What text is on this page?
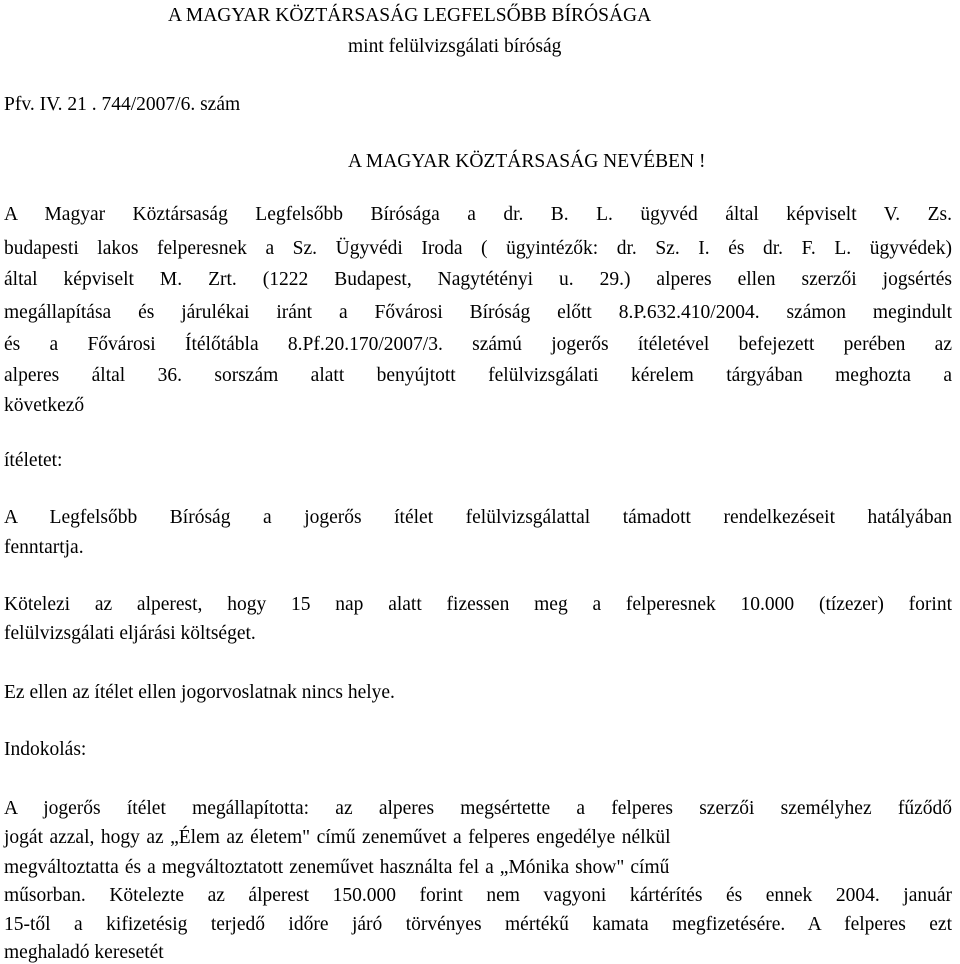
A MAGYAR KÖZTÁRSASÁG LEGFELSŐBB BÍRÓSÁGA
mint felülvizsgálati bíróság
Pfv. IV. 21 . 744/2007/6. szám
A MAGYAR KÖZTÁRSASÁG NEVÉBEN !
A Magyar Köztársaság Legfelsőbb Bírósága a dr. B. L. ügyvéd által képviselt V. Zs.
budapesti lakos felperesnek a Sz. Ügyvédi Iroda ( ügyintézők: dr. Sz. I. és dr. F. L. ügyvédek)
által képviselt M. Zrt. (1222 Budapest, Nagytétényi u. 29.) alperes ellen szerzői jogsértés
megállapítása és járulékai iránt a Fővárosi Bíróság előtt 8.P.632.410/2004. számon megindult
és a Fővárosi Ítélőtábla 8.Pf.20.170/2007/3. számú jogerős ítéletével befejezett perében az
alperes által 36. sorszám alatt benyújtott felülvizsgálati kérelem tárgyában meghozta a
következő
ítéletet:
A Legfelsőbb Bíróság a jogerős ítélet felülvizsgálattal támadott rendelkezéseit hatályában
fenntartja.
Kötelezi az alperest, hogy 15 nap alatt fizessen meg a felperesnek 10.000 (tízezer) forint
felülvizsgálati eljárási költséget.
Ez ellen az ítélet ellen jogorvoslatnak nincs helye.
Indokolás:
A jogerős ítélet megállapította: az alperes megsértette a felperes szerzői személyhez fűződő
jogát azzal, hogy az „Élem az életem" című zeneművet a felperes engedélye nélkül
megváltoztatta és a megváltoztatott zeneművet használta fel a „Mónika show" című
műsorban. Kötelezte az álperest 150.000 forint nem vagyoni kártérítés és ennek 2004. január
15-től a kifizetésig terjedő időre járó törvényes mértékű kamata megfizetésére. A felperes ezt
meghaladó keresetét
